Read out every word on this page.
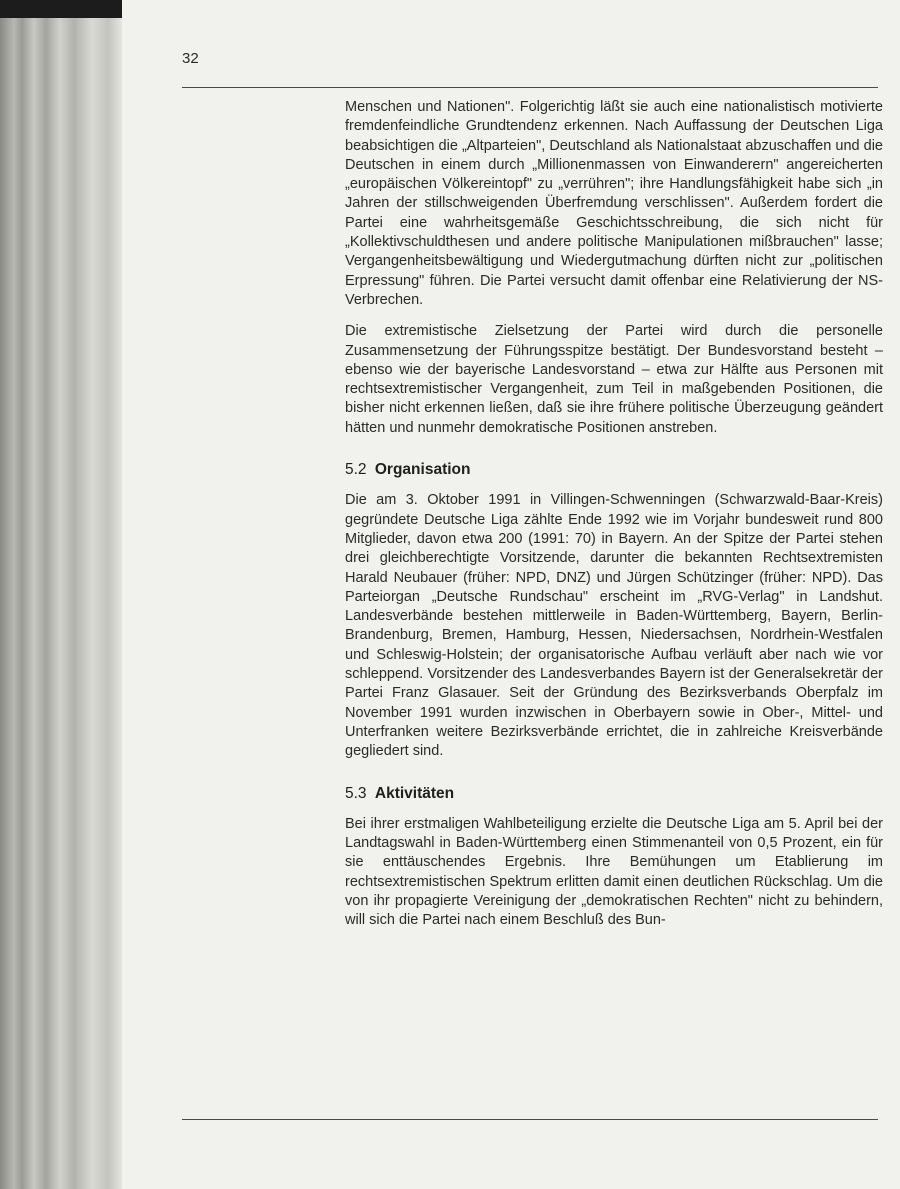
32

Menschen und Nationen". Folgerichtig läßt sie auch eine nationalistisch motivierte fremdenfeindliche Grundtendenz erkennen. Nach Auffassung der Deutschen Liga beabsichtigen die „Altparteien", Deutschland als Nationalstaat abzuschaffen und die Deutschen in einem durch „Millionenmassen von Einwanderern" angereicherten „europäischen Völkereintopf" zu „verrühren"; ihre Handlungsfähigkeit habe sich „in Jahren der stillschweigenden Überfremdung verschlissen". Außerdem fordert die Partei eine wahrheitsgemäße Geschichtsschreibung, die sich nicht für „Kollektivschuldthesen und andere politische Manipulationen mißbrauchen" lasse; Vergangenheitsbewältigung und Wiedergutmachung dürften nicht zur „politischen Erpressung" führen. Die Partei versucht damit offenbar eine Relativierung der NS-Verbrechen.

Die extremistische Zielsetzung der Partei wird durch die personelle Zusammensetzung der Führungsspitze bestätigt. Der Bundesvorstand besteht – ebenso wie der bayerische Landesvorstand – etwa zur Hälfte aus Personen mit rechtsextremistischer Vergangenheit, zum Teil in maßgebenden Positionen, die bisher nicht erkennen ließen, daß sie ihre frühere politische Überzeugung geändert hätten und nunmehr demokratische Positionen anstreben.

5.2 Organisation

Die am 3. Oktober 1991 in Villingen-Schwenningen (Schwarzwald-Baar-Kreis) gegründete Deutsche Liga zählte Ende 1992 wie im Vorjahr bundesweit rund 800 Mitglieder, davon etwa 200 (1991: 70) in Bayern. An der Spitze der Partei stehen drei gleichberechtigte Vorsitzende, darunter die bekannten Rechtsextremisten Harald Neubauer (früher: NPD, DNZ) und Jürgen Schützinger (früher: NPD). Das Parteiorgan „Deutsche Rundschau" erscheint im „RVG-Verlag" in Landshut. Landesverbände bestehen mittlerweile in Baden-Württemberg, Bayern, Berlin-Brandenburg, Bremen, Hamburg, Hessen, Niedersachsen, Nordrhein-Westfalen und Schleswig-Holstein; der organisatorische Aufbau verläuft aber nach wie vor schleppend. Vorsitzender des Landesverbandes Bayern ist der Generalsekretär der Partei Franz Glasauer. Seit der Gründung des Bezirksverbands Oberpfalz im November 1991 wurden inzwischen in Oberbayern sowie in Ober-, Mittel- und Unterfranken weitere Bezirksverbände errichtet, die in zahlreiche Kreisverbände gegliedert sind.

5.3 Aktivitäten

Bei ihrer erstmaligen Wahlbeteiligung erzielte die Deutsche Liga am 5. April bei der Landtagswahl in Baden-Württemberg einen Stimmenanteil von 0,5 Prozent, ein für sie enttäuschendes Ergebnis. Ihre Bemühungen um Etablierung im rechtsextremistischen Spektrum erlitten damit einen deutlichen Rückschlag. Um die von ihr propagierte Vereinigung der „demokratischen Rechten" nicht zu behindern, will sich die Partei nach einem Beschluß des Bun-
